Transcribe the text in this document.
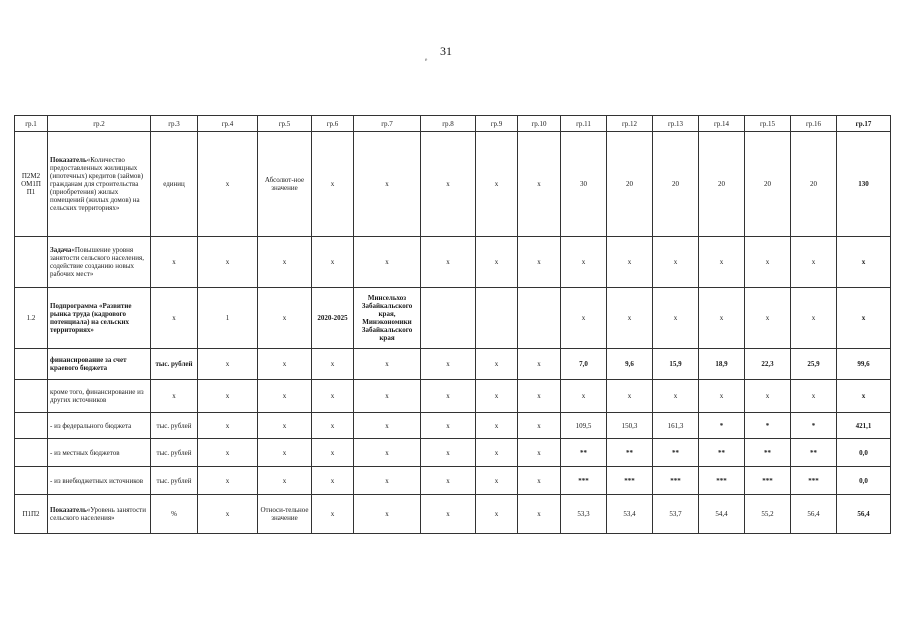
31
ₑ
гр.1	гр.2	гр.3	гр.4	гр.5	гр.6	гр.7	гр.8	гр.9	гр.10	гр.11	гр.12	гр.13	гр.14	гр.15	гр.16	гр.17
П2М2 ОМ1П П1	Показатель«Количество предоставленных жилищных (ипотечных) кредитов (займов) гражданам для строительства (приобретения) жилых помещений (жилых домов) на сельских территориях»	единиц	x	Абсолют-ное значение	x	x	x	x	x	30	20	20	20	20	20	130
	Задача«Повышение уровня занятости сельского населения, содействие созданию новых рабочих мест»	x	x	x	x	x	x	x	x	x	x	x	x	x	x	x
1.2	Подпрограмма «Развитие рынка труда (кадрового потенциала) на сельских территориях»	x	1	x	2020-2025	Минсельхоз Забайкальского края, Минэкономики Забайкальского края				x	x	x	x	x	x	x
	финансирование за счет краевого бюджета	тыс. рублей	x	x	x	x	x	x	x	7,0	9,6	15,9	18,9	22,3	25,9	99,6
	кроме того, финансирование из других источников	x	x	x	x	x	x	x	x	x	x	x	x	x	x	x
	- из федерального бюджета	тыс. рублей	x	x	x	x	x	x	x	109,5	150,3	161,3	*	*	*	421,1
	- из местных бюджетов	тыс. рублей	x	x	x	x	x	x	x	**	**	**	**	**	**	0,0
	- из внебюджетных источников	тыс. рублей	x	x	x	x	x	x	x	***	***	***	***	***	***	0,0
П1П2	Показатель«Уровень занятости сельского населения»	%	x	Относи-тельное значение	x	x	x	x	x	53,3	53,4	53,7	54,4	55,2	56,4	56,4
